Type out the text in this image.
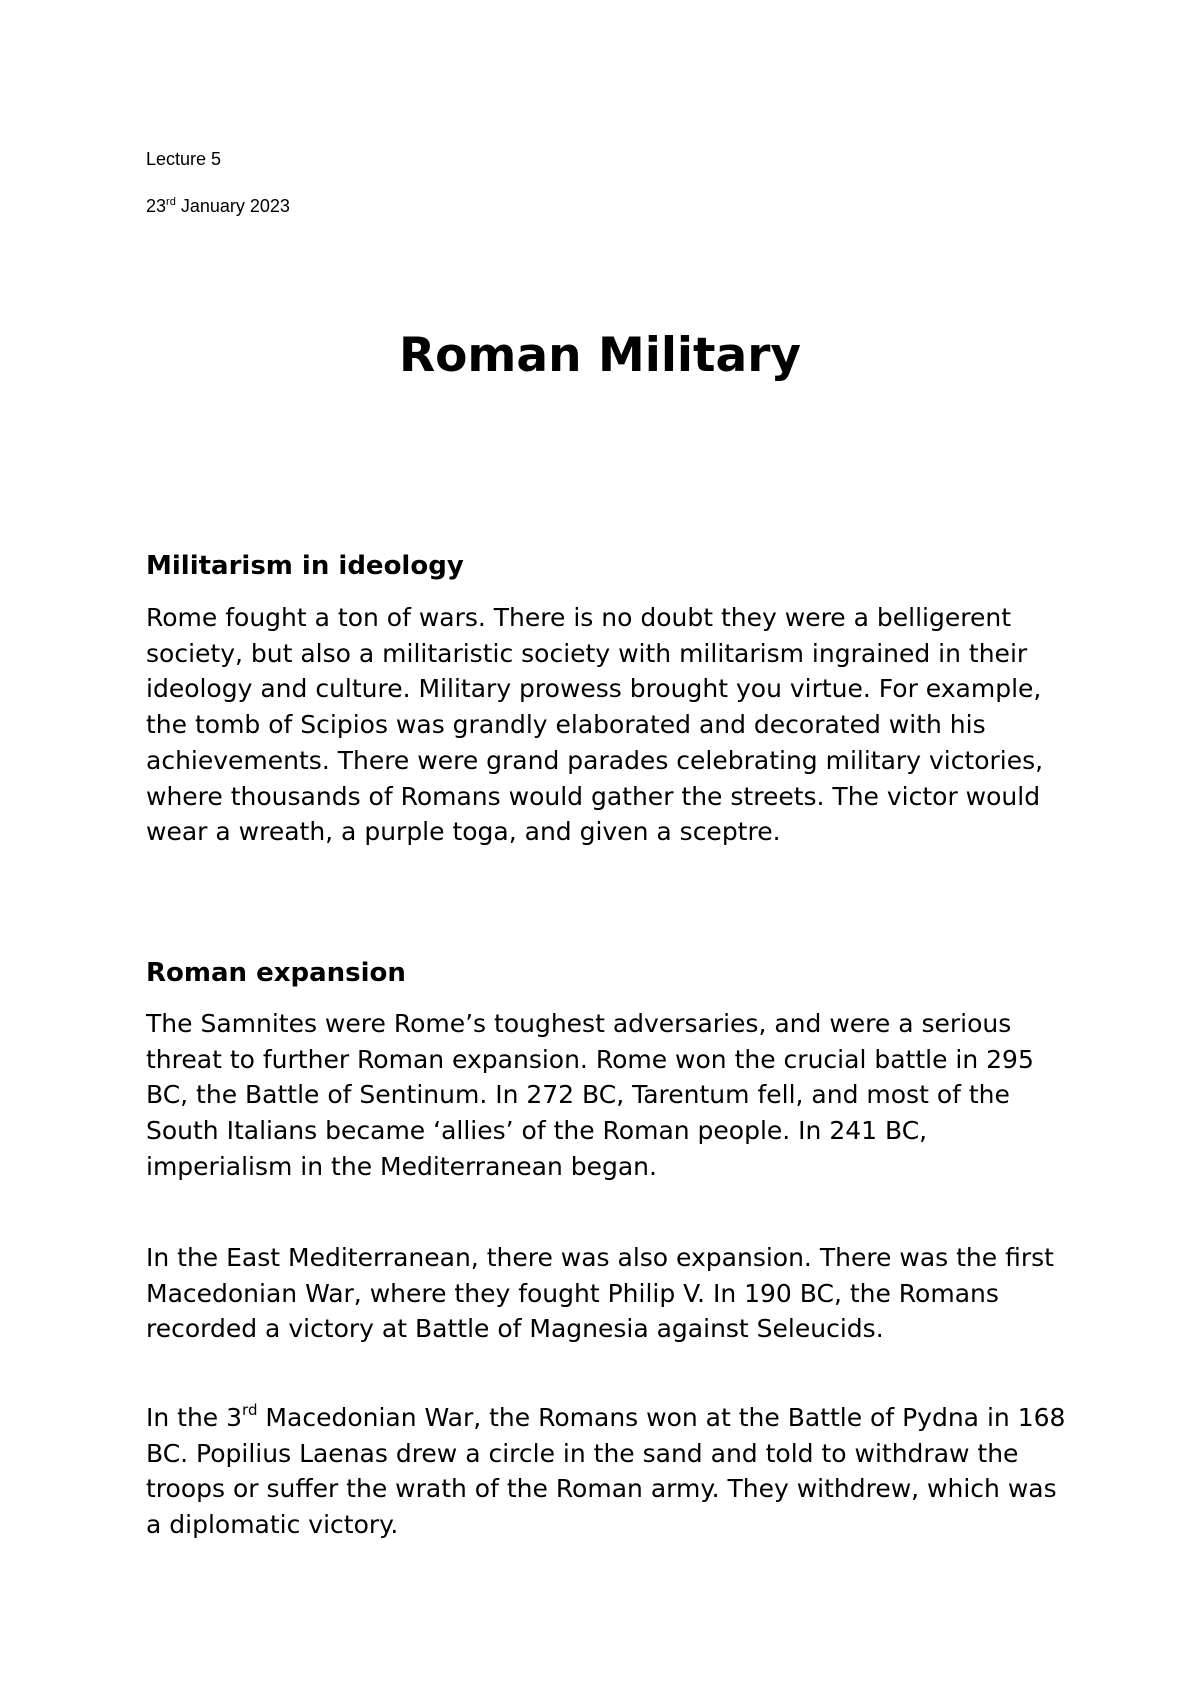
Lecture 5
23rd January 2023
Roman Military
Militarism in ideology

Rome fought a ton of wars. There is no doubt they were a belligerent society, but also a militaristic society with militarism ingrained in their ideology and culture. Military prowess brought you virtue. For example, the tomb of Scipios was grandly elaborated and decorated with his achievements. There were grand parades celebrating military victories, where thousands of Romans would gather the streets. The victor would wear a wreath, a purple toga, and given a sceptre.

Roman expansion

The Samnites were Rome’s toughest adversaries, and were a serious threat to further Roman expansion. Rome won the crucial battle in 295 BC, the Battle of Sentinum. In 272 BC, Tarentum fell, and most of the South Italians became ‘allies’ of the Roman people. In 241 BC, imperialism in the Mediterranean began.

In the East Mediterranean, there was also expansion. There was the first Macedonian War, where they fought Philip V. In 190 BC, the Romans recorded a victory at Battle of Magnesia against Seleucids.

In the 3rd Macedonian War, the Romans won at the Battle of Pydna in 168 BC. Popilius Laenas drew a circle in the sand and told to withdraw the troops or suffer the wrath of the Roman army. They withdrew, which was a diplomatic victory.
